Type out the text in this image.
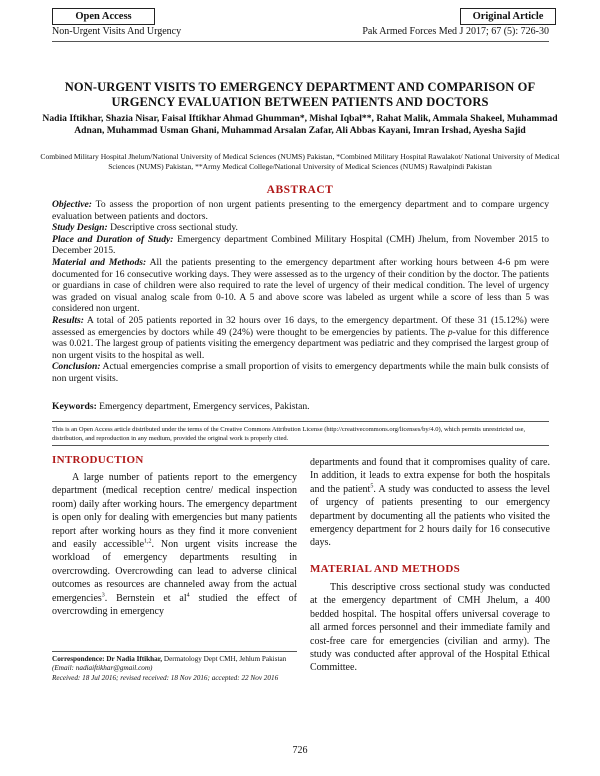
Open Access	Original Article
Non-Urgent Visits And Urgency	Pak Armed Forces Med J 2017; 67 (5): 726-30
NON-URGENT VISITS TO EMERGENCY DEPARTMENT AND COMPARISON OF URGENCY EVALUATION BETWEEN PATIENTS AND DOCTORS
Nadia Iftikhar, Shazia Nisar, Faisal Iftikhar Ahmad Ghumman*, Mishal Iqbal**, Rahat Malik, Ammala Shakeel, Muhammad Adnan, Muhammad Usman Ghani, Muhammad Arsalan Zafar, Ali Abbas Kayani, Imran Irshad, Ayesha Sajid
Combined Military Hospital Jhelum/National University of Medical Sciences (NUMS) Pakistan, *Combined Military Hospital Rawalakot/ National University of Medical Sciences (NUMS) Pakistan, **Army Medical College/National University of Medical Sciences (NUMS) Rawalpindi Pakistan
ABSTRACT

Objective: To assess the proportion of non urgent patients presenting to the emergency department and to compare urgency evaluation between patients and doctors.

Study Design: Descriptive cross sectional study.

Place and Duration of Study: Emergency department Combined Military Hospital (CMH) Jhelum, from November 2015 to December 2015.

Material and Methods: All the patients presenting to the emergency department after working hours between 4-6 pm were documented for 16 consecutive working days. They were assessed as to the urgency of their condition by the doctor. The patients or guardians in case of children were also required to rate the level of urgency of their medical condition. The level of urgency was graded on visual analog scale from 0-10. A 5 and above score was labeled as urgent while a score of less than 5 was considered non urgent.

Results: A total of 205 patients reported in 32 hours over 16 days, to the emergency department. Of these 31 (15.12%) were assessed as emergencies by doctors while 49 (24%) were thought to be emergencies by patients. The p-value for this difference was 0.021. The largest group of patients visiting the emergency department was pediatric and they comprised the largest group of non urgent visits to the hospital as well.

Conclusion: Actual emergencies comprise a small proportion of visits to emergency departments while the main bulk consists of non urgent visits.

Keywords: Emergency department, Emergency services, Pakistan.
This is an Open Access article distributed under the terms of the Creative Commons Attribution License (http://creativecommons.org/licenses/by/4.0), which permits unrestricted use, distribution, and reproduction in any medium, provided the original work is properly cited.
INTRODUCTION

A large number of patients report to the emergency department (medical reception centre/ medical inspection room) daily after working hours. The emergency department is open only for dealing with emergencies but many patients report after working hours as they find it more convenient and easily accessible$^{1,2}$. Non urgent visits increase the workload of emergency departments resulting in overcrowding. Overcrowding can lead to adverse clinical outcomes as resources are channeled away from the actual emergencies$^3$. Bernstein et $al^4$ studied the effect of overcrowding in emergency

Correspondence: Dr Nadia Iftikhar, Dermatology Dept CMH, Jehlum Pakistan (Email: nadiaiftikhar@gmail.com)
Received: 18 Jul 2016; revised received: 18 Nov 2016; accepted: 22 Nov 2016

departments and found that it compromises quality of care. In addition, it leads to extra expense for both the hospitals and the patient$^5$. A study was conducted to assess the level of urgency of patients presenting to our emergency department by documenting all the patients who visited the emergency department for 2 hours daily for 16 consecutive days.

MATERIAL AND METHODS

This descriptive cross sectional study was conducted at the emergency department of CMH Jhelum, a 400 bedded hospital. The hospital offers universal coverage to all armed forces personnel and their immediate family and cost-free care for emergencies (civilian and army). The study was conducted after approval of the Hospital Ethical Committee.

726
